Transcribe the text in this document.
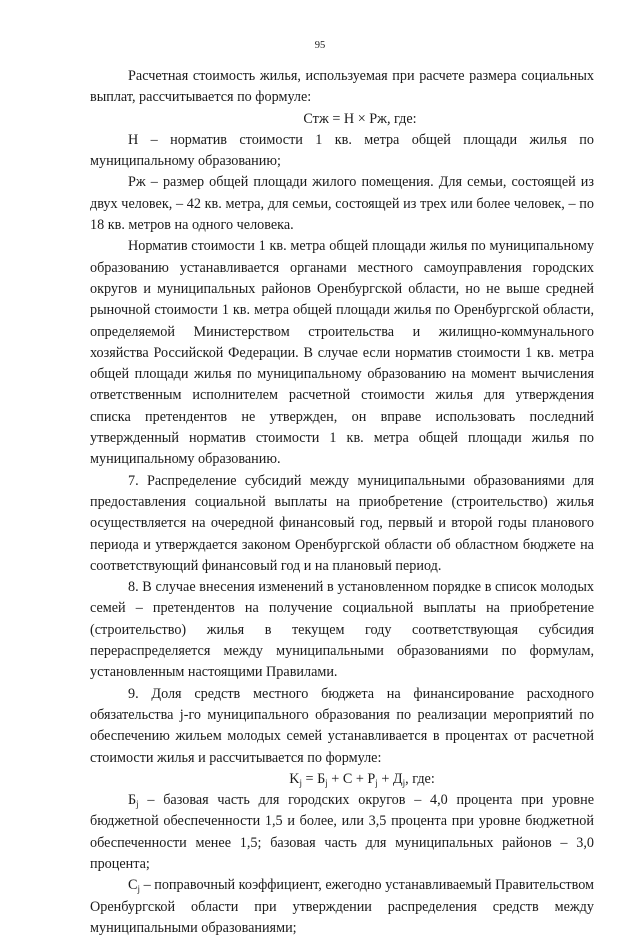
95

Расчетная стоимость жилья, используемая при расчете размера социальных выплат, рассчитывается по формуле:

Стж = Н × Рж, где:

Н – норматив стоимости 1 кв. метра общей площади жилья по муниципальному образованию;

Рж – размер общей площади жилого помещения. Для семьи, состоящей из двух человек, – 42 кв. метра, для семьи, состоящей из трех или более человек, – по 18 кв. метров на одного человека.

Норматив стоимости 1 кв. метра общей площади жилья по муниципальному образованию устанавливается органами местного самоуправления городских округов и муниципальных районов Оренбургской области, но не выше средней рыночной стоимости 1 кв. метра общей площади жилья по Оренбургской области, определяемой Министерством строительства и жилищно-коммунального хозяйства Российской Федерации. В случае если норматив стоимости 1 кв. метра общей площади жилья по муниципальному образованию на момент вычисления ответственным исполнителем расчетной стоимости жилья для утверждения списка претендентов не утвержден, он вправе использовать последний утвержденный норматив стоимости 1 кв. метра общей площади жилья по муниципальному образованию.

7. Распределение субсидий между муниципальными образованиями для предоставления социальной выплаты на приобретение (строительство) жилья осуществляется на очередной финансовый год, первый и второй годы планового периода и утверждается законом Оренбургской области об областном бюджете на соответствующий финансовый год и на плановый период.

8. В случае внесения изменений в установленном порядке в список молодых семей – претендентов на получение социальной выплаты на приобретение (строительство) жилья в текущем году соответствующая субсидия перераспределяется между муниципальными образованиями по формулам, установленным настоящими Правилами.

9. Доля средств местного бюджета на финансирование расходного обязательства j-го муниципального образования по реализации мероприятий по обеспечению жильем молодых семей устанавливается в процентах от расчетной стоимости жилья и рассчитывается по формуле:

$K_j = Б_j + C + Р_j + Д_j$, где:

$Б_j$ – базовая часть для городских округов – 4,0 процента при уровне бюджетной обеспеченности 1,5 и более, или 3,5 процента при уровне бюджетной обеспеченности менее 1,5; базовая часть для муниципальных районов – 3,0 процента;

$C_j$ – поправочный коэффициент, ежегодно устанавливаемый Правительством Оренбургской области при утверждении распределения средств между муниципальными образованиями;
